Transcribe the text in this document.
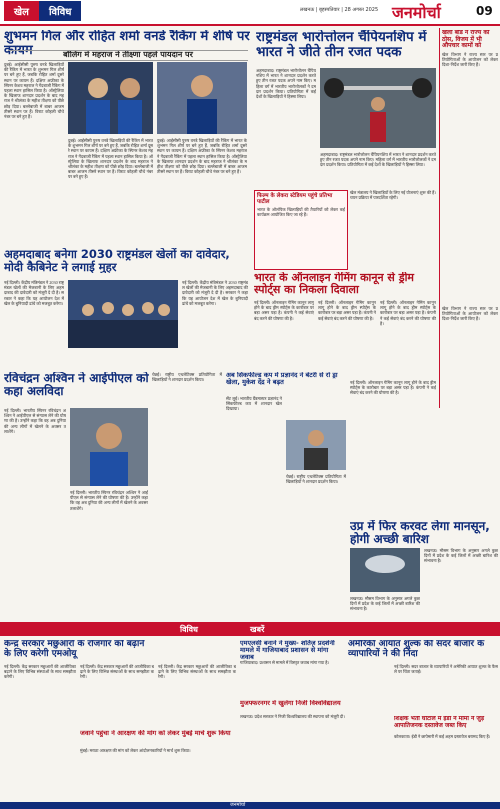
खेल विविध	लखनऊ | बृहस्पतिवार | 28 अगस्त 2025 जनमोर्चा	09
शुभमन गिल और रोहित शर्मा वनडे रैंकिंग में शीर्ष पर कायम	बॉलिंग में महराज ने तीक्ष्णा पहले पायदान पर
दुबई। आईसीसी पुरुष वनडे खिलाड़ियों की रैंकिंग में भारत के शुभमन गिल शीर्ष पर बने हुए हैं, जबकि रोहित शर्मा दूसरे स्थान पर कायम हैं। दक्षिण अफ्रीका के स्पिनर केशव महराज ने गेंदबाजी रैंकिंग में पहला स्थान हासिल किया है। ऑस्ट्रेलिया के खिलाफ शानदार प्रदर्शन के बाद महराज ने श्रीलंका के महीश तीक्ष्णा को पीछे छोड़ दिया। बल्लेबाजी में बाबर आजम तीसरे स्थान पर हैं। विराट कोहली चौथे नंबर पर बने हुए हैं।
दुबई। आईसीसी पुरुष वनडे खिलाड़ियों की रैंकिंग में भारत के शुभमन गिल शीर्ष पर बने हुए हैं, जबकि रोहित शर्मा दूसरे स्थान पर कायम हैं। दक्षिण अफ्रीका के स्पिनर केशव महराज ने गेंदबाजी रैंकिंग में पहला स्थान हासिल किया है। ऑस्ट्रेलिया के खिलाफ शानदार प्रदर्शन के बाद महराज ने श्रीलंका के महीश तीक्ष्णा को पीछे छोड़ दिया। बल्लेबाजी में बाबर आजम तीसरे स्थान पर हैं। विराट कोहली चौथे नंबर पर बने हुए हैं।
दुबई। आईसीसी पुरुष वनडे खिलाड़ियों की रैंकिंग में भारत के शुभमन गिल शीर्ष पर बने हुए हैं, जबकि रोहित शर्मा दूसरे स्थान पर कायम हैं। दक्षिण अफ्रीका के स्पिनर केशव महराज ने गेंदबाजी रैंकिंग में पहला स्थान हासिल किया है। ऑस्ट्रेलिया के खिलाफ शानदार प्रदर्शन के बाद महराज ने श्रीलंका के महीश तीक्ष्णा को पीछे छोड़ दिया। बल्लेबाजी में बाबर आजम तीसरे स्थान पर हैं। विराट कोहली चौथे नंबर पर बने हुए हैं।
राष्ट्रमंडल भारोत्तोलन चैंपियनशिप में भारत ने जीते तीन रजत पदक
अहमदाबाद। राष्ट्रमंडल भारोत्तोलन चैंपियनशिप में भारत ने शानदार प्रदर्शन करते हुए तीन रजत पदक अपने नाम किए। महिला वर्ग में भारतीय भारोत्तोलकों ने दमदार प्रदर्शन किया। प्रतियोगिता में कई देशों के खिलाड़ियों ने हिस्सा लिया।
अहमदाबाद। राष्ट्रमंडल भारोत्तोलन चैंपियनशिप में भारत ने शानदार प्रदर्शन करते हुए तीन रजत पदक अपने नाम किए। महिला वर्ग में भारतीय भारोत्तोलकों ने दमदार प्रदर्शन किया। प्रतियोगिता में कई देशों के खिलाड़ियों ने हिस्सा लिया।
खेलों बोर्ड ने राज्य को ठोस, विजय में भी औपचार कामों को
खेल विभाग ने राज्य स्तर पर प्रतियोगिताओं के आयोजन को लेकर दिशा-निर्देश जारी किए हैं।
अहमदाबाद बनेगा 2030 राष्ट्रमंडल खेलों का दावेदार, मोदी कैबिनेट ने लगाई मुहर
नई दिल्ली। केंद्रीय मंत्रिमंडल ने 2030 राष्ट्रमंडल खेलों की मेजबानी के लिए अहमदाबाद की दावेदारी को मंजूरी दे दी है। सरकार ने कहा कि यह आयोजन देश में खेल के बुनियादी ढांचे को मजबूत करेगा।
नई दिल्ली। केंद्रीय मंत्रिमंडल ने 2030 राष्ट्रमंडल खेलों की मेजबानी के लिए अहमदाबाद की दावेदारी को मंजूरी दे दी है। सरकार ने कहा कि यह आयोजन देश में खेल के बुनियादी ढांचे को मजबूत करेगा।
फिल्म के लेकरा स्टेडियम पहुंचे प्रतिभा पाटील
भारत के ओलंपिक खिलाड़ियों की तैयारियों को लेकर कई कार्यक्रम आयोजित किए जा रहे हैं।
खेल मंत्रालय ने खिलाड़ियों के लिए नई योजनाएं शुरू की हैं। चयन प्रक्रिया में पारदर्शिता रहेगी।
भारत के ऑनलाइन गेमिंग कानून से ड्रीम स्पोर्ट्स का निकला दिवाला
नई दिल्ली। ऑनलाइन गेमिंग कानून लागू होने के बाद ड्रीम स्पोर्ट्स के कारोबार पर बड़ा असर पड़ा है। कंपनी ने कई सेवाएं बंद करने की घोषणा की है।
नई दिल्ली। ऑनलाइन गेमिंग कानून लागू होने के बाद ड्रीम स्पोर्ट्स के कारोबार पर बड़ा असर पड़ा है। कंपनी ने कई सेवाएं बंद करने की घोषणा की है।
नई दिल्ली। ऑनलाइन गेमिंग कानून लागू होने के बाद ड्रीम स्पोर्ट्स के कारोबार पर बड़ा असर पड़ा है। कंपनी ने कई सेवाएं बंद करने की घोषणा की है।
रविचंद्रन अश्विन ने आईपीएल को कहा अलविदा
नई दिल्ली। भारतीय स्पिनर रविचंद्रन अश्विन ने आईपीएल से संन्यास लेने की घोषणा की है। उन्होंने कहा कि वह अब दुनिया की अन्य लीगों में खेलने के अवसर तलाशेंगे।
नई दिल्ली। भारतीय स्पिनर रविचंद्रन अश्विन ने आईपीएल से संन्यास लेने की घोषणा की है। उन्होंने कहा कि वह अब दुनिया की अन्य लीगों में खेलने के अवसर तलाशेंगे।
चेन्नई। राष्ट्रीय एथलेटिक्स प्रतियोगिता में खिलाड़ियों ने शानदार प्रदर्शन किया।
अब सिंकफील्ड कप में प्रज्ञानंद ने बेटरी से रो ड्रा खेला, मुकेश देंद्र ने बढ़त
सेंट लुई। भारतीय ग्रैंडमास्टर प्रज्ञानंद ने सिंकफील्ड कप में शानदार खेल दिखाया।
चेन्नई। राष्ट्रीय एथलेटिक्स प्रतियोगिता में खिलाड़ियों ने शानदार प्रदर्शन किया।
उप्र में फिर करवट लेगा मानसून, होगी अच्छी बारिश
लखनऊ। मौसम विभाग के अनुसार अगले कुछ दिनों में प्रदेश के कई जिलों में अच्छी बारिश की संभावना है।
लखनऊ। मौसम विभाग के अनुसार अगले कुछ दिनों में प्रदेश के कई जिलों में अच्छी बारिश की संभावना है।
नई दिल्ली। ऑनलाइन गेमिंग कानून लागू होने के बाद ड्रीम स्पोर्ट्स के कारोबार पर बड़ा असर पड़ा है। कंपनी ने कई सेवाएं बंद करने की घोषणा की है।
खेल विभाग ने राज्य स्तर पर प्रतियोगिताओं के आयोजन को लेकर दिशा-निर्देश जारी किए हैं।
विविध	खबरें
केन्द्र सरकार मछुआरों के रोजगार को बढ़ाने के लिए करेगी एमओयू
नई दिल्ली। केंद्र सरकार मछुआरों की आजीविका बढ़ाने के लिए विभिन्न संस्थाओं के साथ समझौता करेगी।
नई दिल्ली। केंद्र सरकार मछुआरों की आजीविका बढ़ाने के लिए विभिन्न संस्थाओं के साथ समझौता करेगी।
जवाने पहुंचा ने आरक्षण की मांग को लेकर मुंबई मार्च शुरू किया
मुंबई। मराठा आरक्षण की मांग को लेकर आंदोलनकारियों ने मार्च शुरू किया।
नई दिल्ली। केंद्र सरकार मछुआरों की आजीविका बढ़ाने के लिए विभिन्न संस्थाओं के साथ समझौता करेगी।
एमएलसी बनाने ने मुख्य- शर्तिज़ प्रदर्शनी मामले में गाजियाबाद प्रशासन से मांगा जवाब
गाजियाबाद। प्रशासन से मामले में विस्तृत जवाब मांगा गया है।
मुजफ्फरनगर में खुलेगा निजी विश्वविद्यालय
लखनऊ। प्रदेश सरकार ने निजी विश्वविद्यालय की स्थापना को मंजूरी दी।
अमेरिकी आयात शुल्क की सदर बाजार के व्यापारियों ने की निंदा
नई दिल्ली। सदर बाजार के व्यापारियों ने अमेरिकी आयात शुल्क के फैसले पर चिंता जताई।
शिक्षक भर्ती घोटाले में ईडी ने मामा ने जुड़े आपातिजनक दस्तावेज जब्त किए
कोलकाता। ईडी ने छापेमारी में कई अहम दस्तावेज बरामद किए हैं।
जनमोर्चा
